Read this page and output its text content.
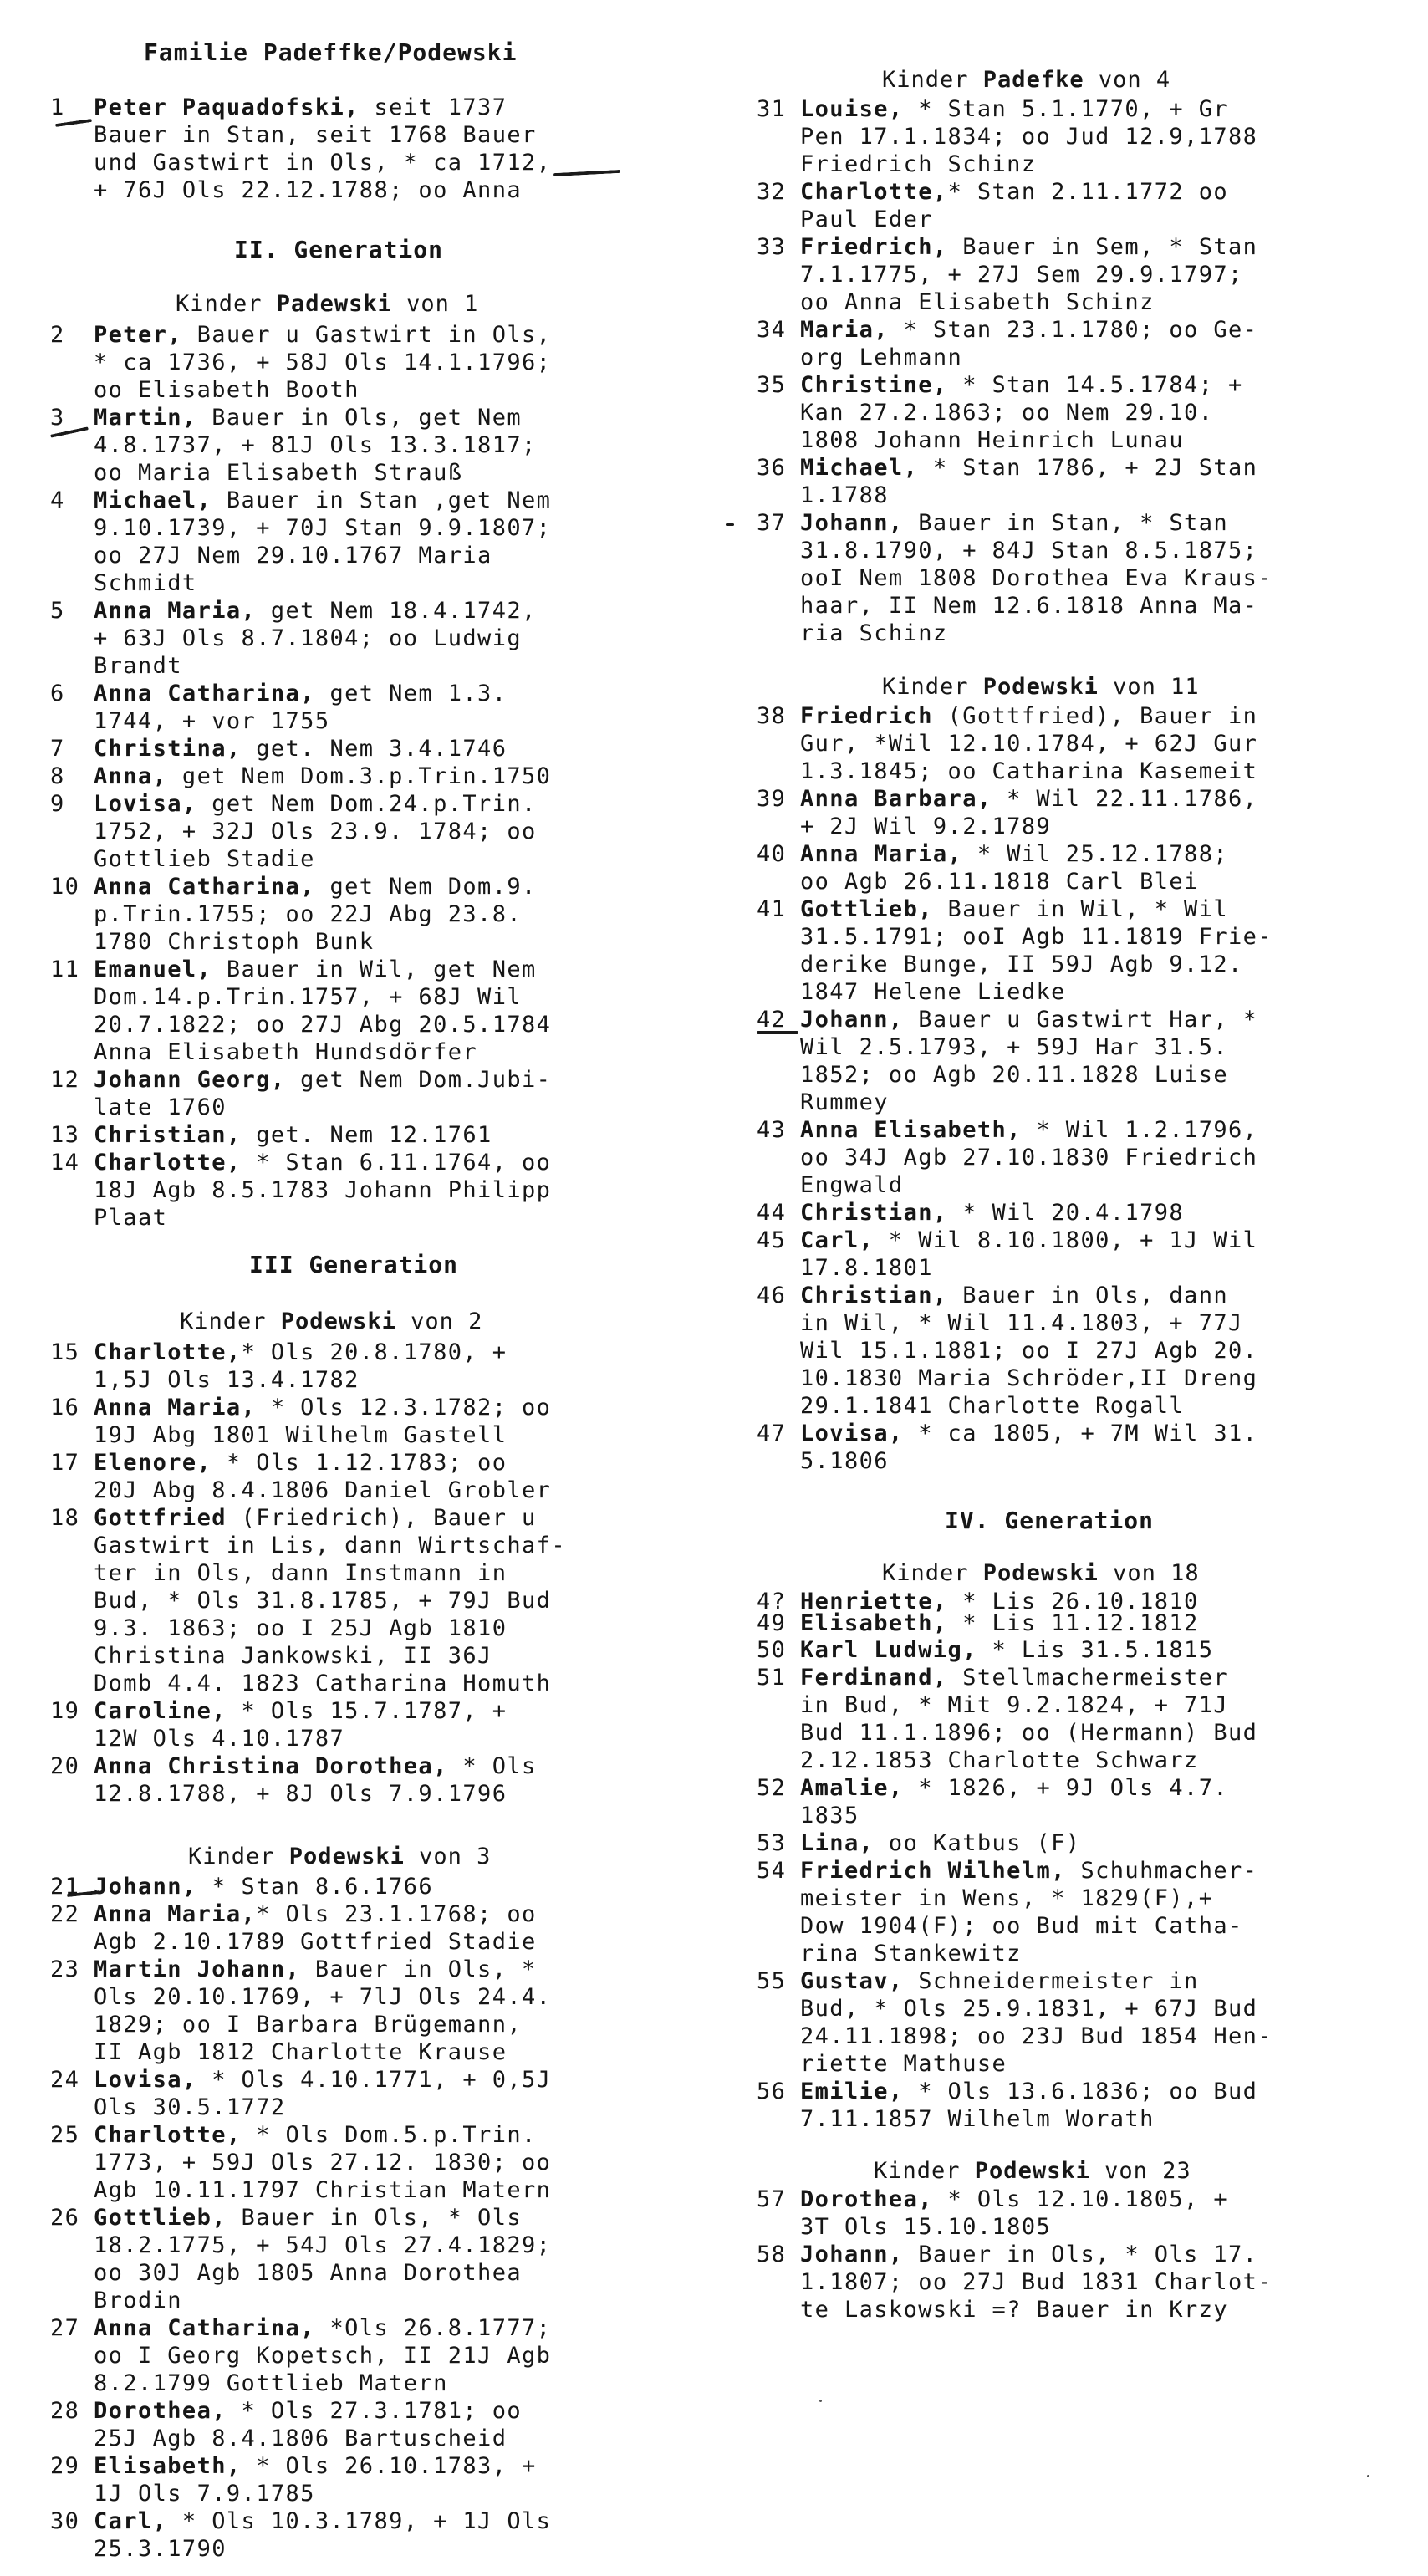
Familie Padeffke/Podewski
1	Peter Paquadofski, seit 1737
Bauer in Stan, seit 1768 Bauer
und Gastwirt in Ols, * ca 1712,
+ 76J Ols 22.12.1788; oo Anna
II. Generation
Kinder Padewski von 1
2	Peter, Bauer u Gastwirt in Ols,
* ca 1736, + 58J Ols 14.1.1796;
oo Elisabeth Booth
3	Martin, Bauer in Ols, get Nem
4.8.1737, + 81J Ols 13.3.1817;
oo Maria Elisabeth Strauß
4	Michael, Bauer in Stan ,get Nem
9.10.1739, + 70J Stan 9.9.1807;
oo 27J Nem 29.10.1767 Maria
Schmidt
5	Anna Maria, get Nem 18.4.1742,
+ 63J Ols 8.7.1804; oo Ludwig
Brandt
6	Anna Catharina, get Nem 1.3.
1744, + vor 1755
7	Christina, get. Nem 3.4.1746
8	Anna, get Nem Dom.3.p.Trin.1750
9	Lovisa, get Nem Dom.24.p.Trin.
1752, + 32J Ols 23.9. 1784; oo
Gottlieb Stadie
10 Anna Catharina, get Nem Dom.9.
p.Trin.1755; oo 22J Abg 23.8.
1780 Christoph Bunk
11 Emanuel, Bauer in Wil, get Nem
Dom.14.p.Trin.1757, + 68J Wil
20.7.1822; oo 27J Abg 20.5.1784
Anna Elisabeth Hundsdörfer
12 Johann Georg, get Nem Dom.Jubi-
late 1760
13 Christian, get. Nem 12.1761
14 Charlotte, * Stan 6.11.1764, oo
18J Agb 8.5.1783 Johann Philipp
Plaat
III Generation
Kinder Podewski von 2
15 Charlotte,* Ols 20.8.1780, +
1,5J Ols 13.4.1782
16 Anna Maria, * Ols 12.3.1782; oo
19J Abg 1801 Wilhelm Gastell
17 Elenore, * Ols 1.12.1783; oo
20J Abg 8.4.1806 Daniel Grobler
18 Gottfried (Friedrich), Bauer u
Gastwirt in Lis, dann Wirtschaf-
ter in Ols, dann Instmann in
Bud, * Ols 31.8.1785, + 79J Bud
9.3. 1863; oo I 25J Agb 1810
Christina Jankowski, II 36J
Domb 4.4. 1823 Catharina Homuth
19 Caroline, * Ols 15.7.1787, +
12W Ols 4.10.1787
20 Anna Christina Dorothea, * Ols
12.8.1788, + 8J Ols 7.9.1796
Kinder Podewski von 3
21 Johann, * Stan 8.6.1766
22 Anna Maria,* Ols 23.1.1768; oo
Agb 2.10.1789 Gottfried Stadie
23 Martin Johann, Bauer in Ols, *
Ols 20.10.1769, + 7lJ Ols 24.4.
1829; oo I Barbara Brügemann,
II Agb 1812 Charlotte Krause
24 Lovisa, * Ols 4.10.1771, + 0,5J
Ols 30.5.1772
25 Charlotte, * Ols Dom.5.p.Trin.
1773, + 59J Ols 27.12. 1830; oo
Agb 10.11.1797 Christian Matern
26 Gottlieb, Bauer in Ols, * Ols
18.2.1775, + 54J Ols 27.4.1829;
oo 30J Agb 1805 Anna Dorothea
Brodin
27 Anna Catharina, *Ols 26.8.1777;
oo I Georg Kopetsch, II 21J Agb
8.2.1799 Gottlieb Matern
28 Dorothea, * Ols 27.3.1781; oo
25J Agb 8.4.1806 Bartuscheid
29 Elisabeth, * Ols 26.10.1783, +
1J Ols 7.9.1785
30 Carl, * Ols 10.3.1789, + 1J Ols
25.3.1790
Kinder Padefke von 4
31 Louise, * Stan 5.1.1770, + Gr
Pen 17.1.1834; oo Jud 12.9,1788
Friedrich Schinz
32 Charlotte,* Stan 2.11.1772 oo
Paul Eder
33 Friedrich, Bauer in Sem, * Stan
7.1.1775, + 27J Sem 29.9.1797;
oo Anna Elisabeth Schinz
34 Maria, * Stan 23.1.1780; oo Ge-
org Lehmann
35 Christine, * Stan 14.5.1784; +
Kan 27.2.1863; oo Nem 29.10.
1808 Johann Heinrich Lunau
36 Michael, * Stan 1786, + 2J Stan
1.1788
37 Johann, Bauer in Stan, * Stan
31.8.1790, + 84J Stan 8.5.1875;
ooI Nem 1808 Dorothea Eva Kraus-
haar, II Nem 12.6.1818 Anna Ma-
ria Schinz
Kinder Podewski von 11
38 Friedrich (Gottfried), Bauer in
Gur, *Wil 12.10.1784, + 62J Gur
1.3.1845; oo Catharina Kasemeit
39 Anna Barbara, * Wil 22.11.1786,
+ 2J Wil 9.2.1789
40 Anna Maria, * Wil 25.12.1788;
oo Agb 26.11.1818 Carl Blei
41 Gottlieb, Bauer in Wil, * Wil
31.5.1791; ooI Agb 11.1819 Frie-
derike Bunge, II 59J Agb 9.12.
1847 Helene Liedke
42 Johann, Bauer u Gastwirt Har, *
Wil 2.5.1793, + 59J Har 31.5.
1852; oo Agb 20.11.1828 Luise
Rummey
43 Anna Elisabeth, * Wil 1.2.1796,
oo 34J Agb 27.10.1830 Friedrich
Engwald
44 Christian, * Wil 20.4.1798
45 Carl, * Wil 8.10.1800, + 1J Wil
17.8.1801
46 Christian, Bauer in Ols, dann
in Wil, * Wil 11.4.1803, + 77J
Wil 15.1.1881; oo I 27J Agb 20.
10.1830 Maria Schröder,II Dreng
29.1.1841 Charlotte Rogall
47 Lovisa, * ca 1805, + 7M Wil 31.
5.1806
IV. Generation
Kinder Podewski von 18
4? Henriette, * Lis 26.10.1810
49 Elisabeth, * Lis 11.12.1812
50 Karl Ludwig, * Lis 31.5.1815
51 Ferdinand, Stellmachermeister
in Bud, * Mit 9.2.1824, + 71J
Bud 11.1.1896; oo (Hermann) Bud
2.12.1853 Charlotte Schwarz
52 Amalie, * 1826, + 9J Ols 4.7.
1835
53 Lina, oo Katbus (F)
54 Friedrich Wilhelm, Schuhmacher-
meister in Wens, * 1829(F),+
Dow 1904(F); oo Bud mit Catha-
rina Stankewitz
55 Gustav, Schneidermeister in
Bud, * Ols 25.9.1831, + 67J Bud
24.11.1898; oo 23J Bud 1854 Hen-
riette Mathuse
56 Emilie, * Ols 13.6.1836; oo Bud
7.11.1857 Wilhelm Worath
Kinder Podewski von 23
57 Dorothea, * Ols 12.10.1805, +
3T Ols 15.10.1805
58 Johann, Bauer in Ols, * Ols 17.
1.1807; oo 27J Bud 1831 Charlot-
te Laskowski =? Bauer in Krzy
